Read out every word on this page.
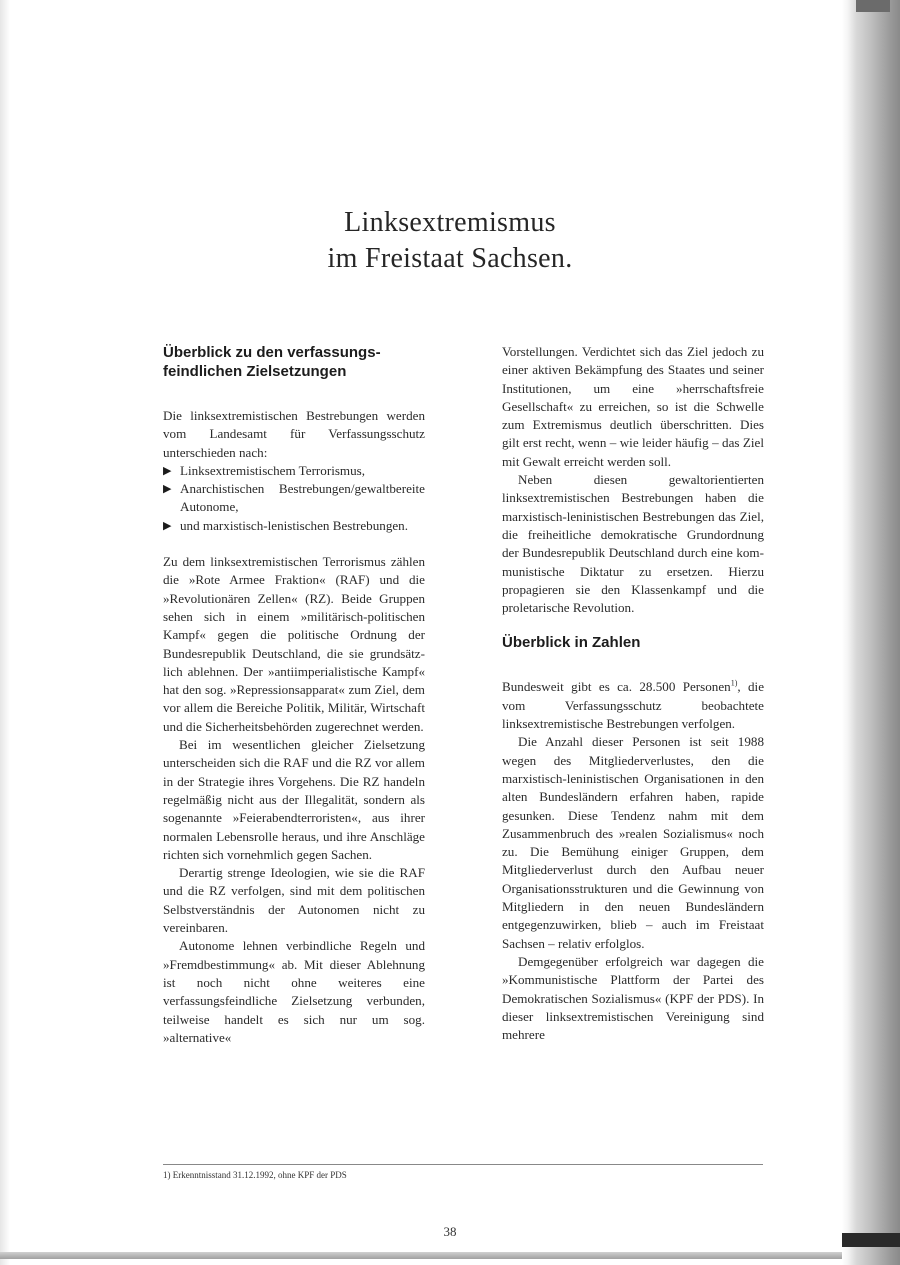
Linksextremismus
im Freistaat Sachsen.
Überblick zu den verfassungs-
feindlichen Zielsetzungen

Die linksextremistischen Bestrebungen werden vom Landesamt für Verfassungsschutz unterschieden nach:

▶ Linksextremistischem Terrorismus,
▶ Anarchistischen Bestrebungen/gewaltbereite Autonome,
▶ und marxistisch-lenistischen Bestrebungen.

Zu dem linksextremistischen Terrorismus zählen die »Rote Armee Fraktion« (RAF) und die »Revolutionären Zellen« (RZ). Beide Gruppen sehen sich in einem »militärisch-politischen Kampf« gegen die politische Ordnung der Bundesrepublik Deutschland, die sie grundsätzlich ablehnen. Der »antiimperialistische Kampf« hat den sog. »Repressionsapparat« zum Ziel, dem vor allem die Bereiche Politik, Militär, Wirtschaft und die Sicherheitsbehörden zugerechnet werden.

Bei im wesentlichen gleicher Zielsetzung unterscheiden sich die RAF und die RZ vor allem in der Strategie ihres Vorgehens. Die RZ handeln regelmäßig nicht aus der Illegalität, sondern als sogenannte »Feierabendterroristen«, aus ihrer normalen Lebensrolle heraus, und ihre Anschläge richten sich vornehmlich gegen Sachen.

Derartig strenge Ideologien, wie sie die RAF und die RZ verfolgen, sind mit dem politischen Selbstverständnis der Autonomen nicht zu vereinbaren.

Autonome lehnen verbindliche Regeln und »Fremdbestimmung« ab. Mit dieser Ablehnung ist noch nicht ohne weiteres eine verfassungsfeindliche Zielsetzung verbunden, teilweise handelt es sich nur um sog. »alternative«

Vorstellungen. Verdichtet sich das Ziel jedoch zu einer aktiven Bekämpfung des Staates und seiner Institutionen, um eine »herrschaftsfreie Gesellschaft« zu erreichen, so ist die Schwelle zum Extremismus deutlich überschritten. Dies gilt erst recht, wenn – wie leider häufig – das Ziel mit Gewalt erreicht werden soll.

Neben diesen gewaltorientierten linksextremistischen Bestrebungen haben die marxistisch-leninistischen Bestrebungen das Ziel, die freiheitliche demokratische Grundordnung der Bundesrepublik Deutschland durch eine kommunistische Diktatur zu ersetzen. Hierzu propagieren sie den Klassenkampf und die proletarische Revolution.

Überblick in Zahlen

Bundesweit gibt es ca. 28.500 Personen$^{1)}$, die vom Verfassungsschutz beobachtete linksextremistische Bestrebungen verfolgen.

Die Anzahl dieser Personen ist seit 1988 wegen des Mitgliederverlustes, den die marxistisch-leninistischen Organisationen in den alten Bundesländern erfahren haben, rapide gesunken. Diese Tendenz nahm mit dem Zusammenbruch des »realen Sozialismus« noch zu. Die Bemühung einiger Gruppen, dem Mitgliederverlust durch den Aufbau neuer Organisationsstrukturen und die Gewinnung von Mitgliedern in den neuen Bundesländern entgegenzuwirken, blieb – auch im Freistaat Sachsen – relativ erfolglos.

Demgegenüber erfolgreich war dagegen die »Kommunistische Plattform der Partei des Demokratischen Sozialismus« (KPF der PDS). In dieser linksextremistischen Vereinigung sind mehrere

1) Erkenntnisstand 31.12.1992, ohne KPF der PDS
38
